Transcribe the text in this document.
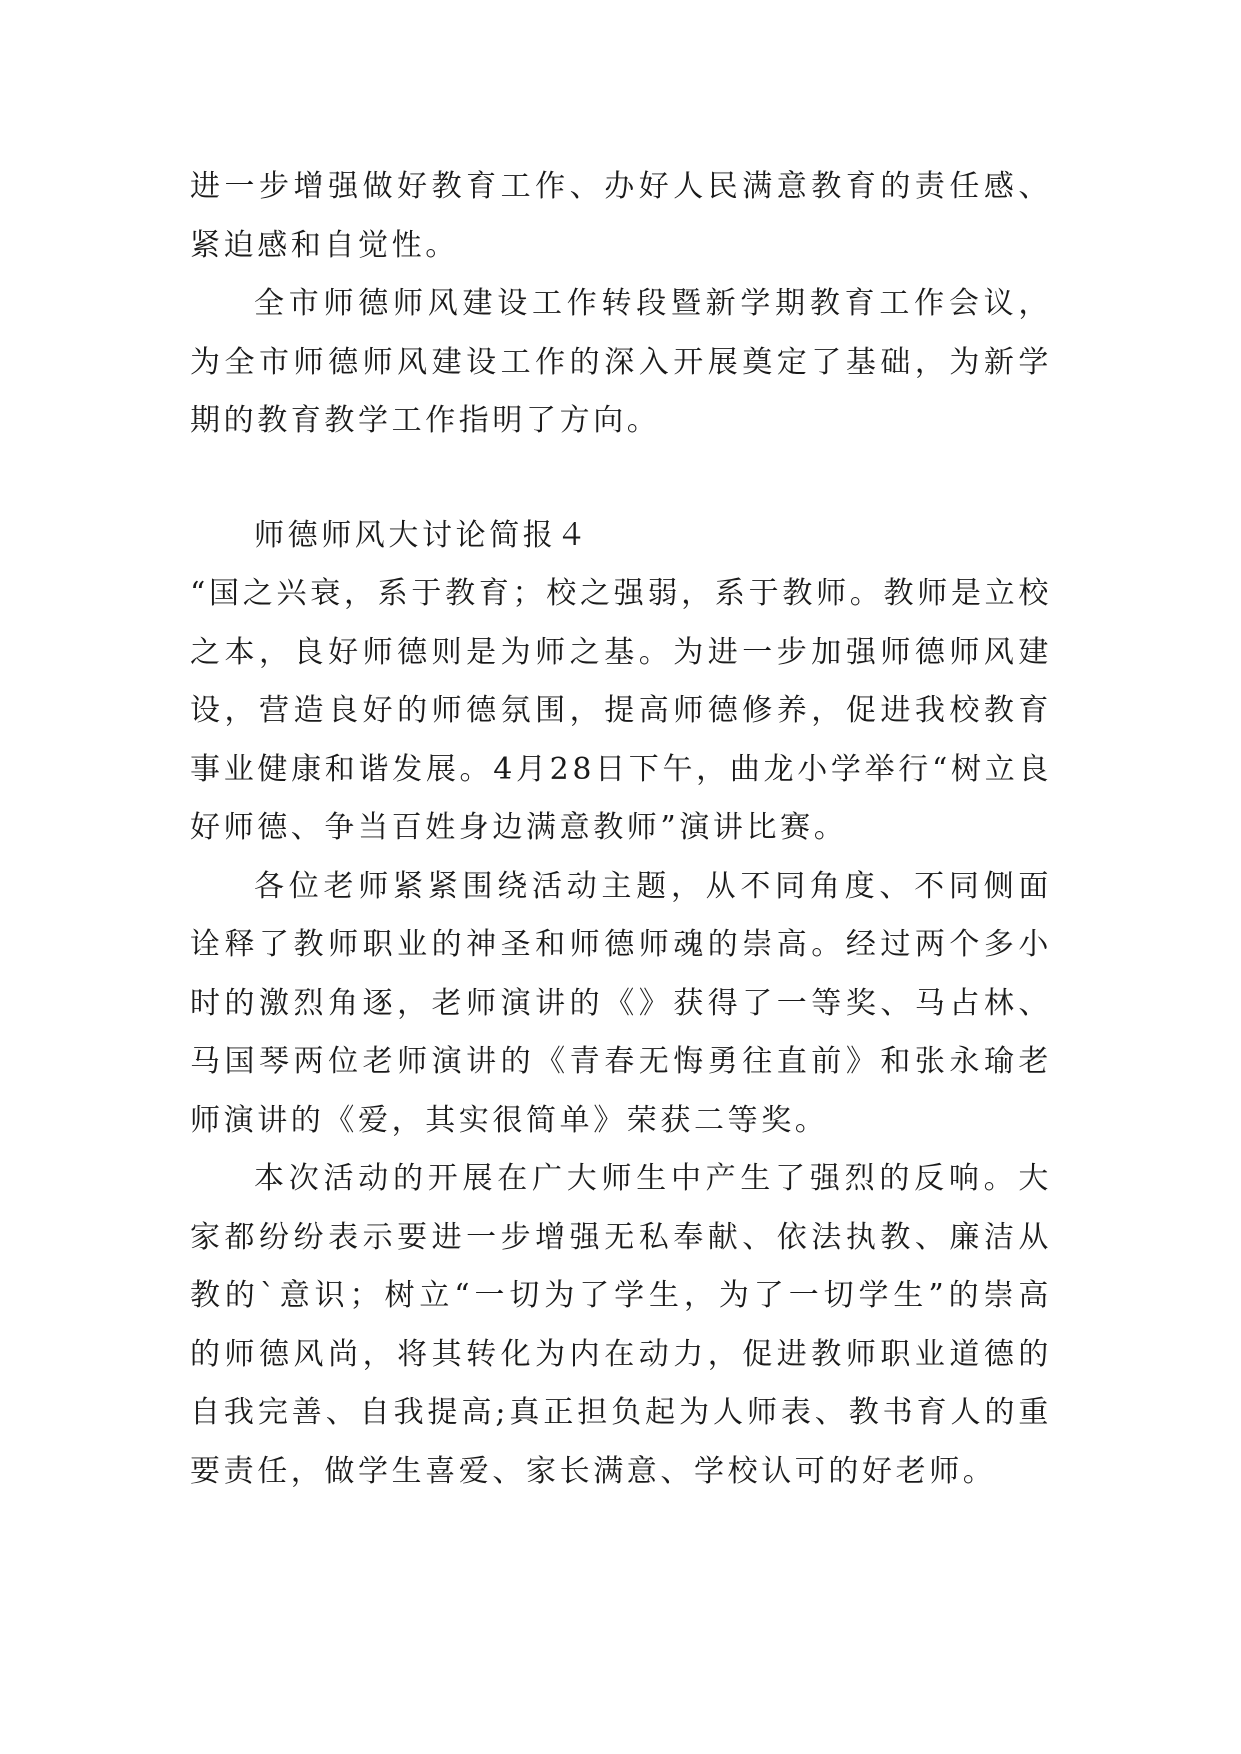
进一步增强做好教育工作、办好人民满意教育的责任感、紧迫感和自觉性。

全市师德师风建设工作转段暨新学期教育工作会议，为全市师德师风建设工作的深入开展奠定了基础，为新学期的教育教学工作指明了方向。

师德师风大讨论简报４

“国之兴衰，系于教育；校之强弱，系于教师。教师是立校之本，良好师德则是为师之基。为进一步加强师德师风建设，营造良好的师德氛围，提高师德修养，促进我校教育事业健康和谐发展。4月28日下午，曲龙小学举行“树立良好师德、争当百姓身边满意教师”演讲比赛。

各位老师紧紧围绕活动主题，从不同角度、不同侧面诠释了教师职业的神圣和师德师魂的崇高。经过两个多小时的激烈角逐，老师演讲的《》获得了一等奖、马占林、马国琴两位老师演讲的《青春无悔勇往直前》和张永瑜老师演讲的《爱，其实很简单》荣获二等奖。

本次活动的开展在广大师生中产生了强烈的反响。大家都纷纷表示要进一步增强无私奉献、依法执教、廉洁从教的`意识；树立“一切为了学生，为了一切学生”的崇高的师德风尚，将其转化为内在动力，促进教师职业道德的自我完善、自我提高;真正担负起为人师表、教书育人的重要责任，做学生喜爱、家长满意、学校认可的好老师。
